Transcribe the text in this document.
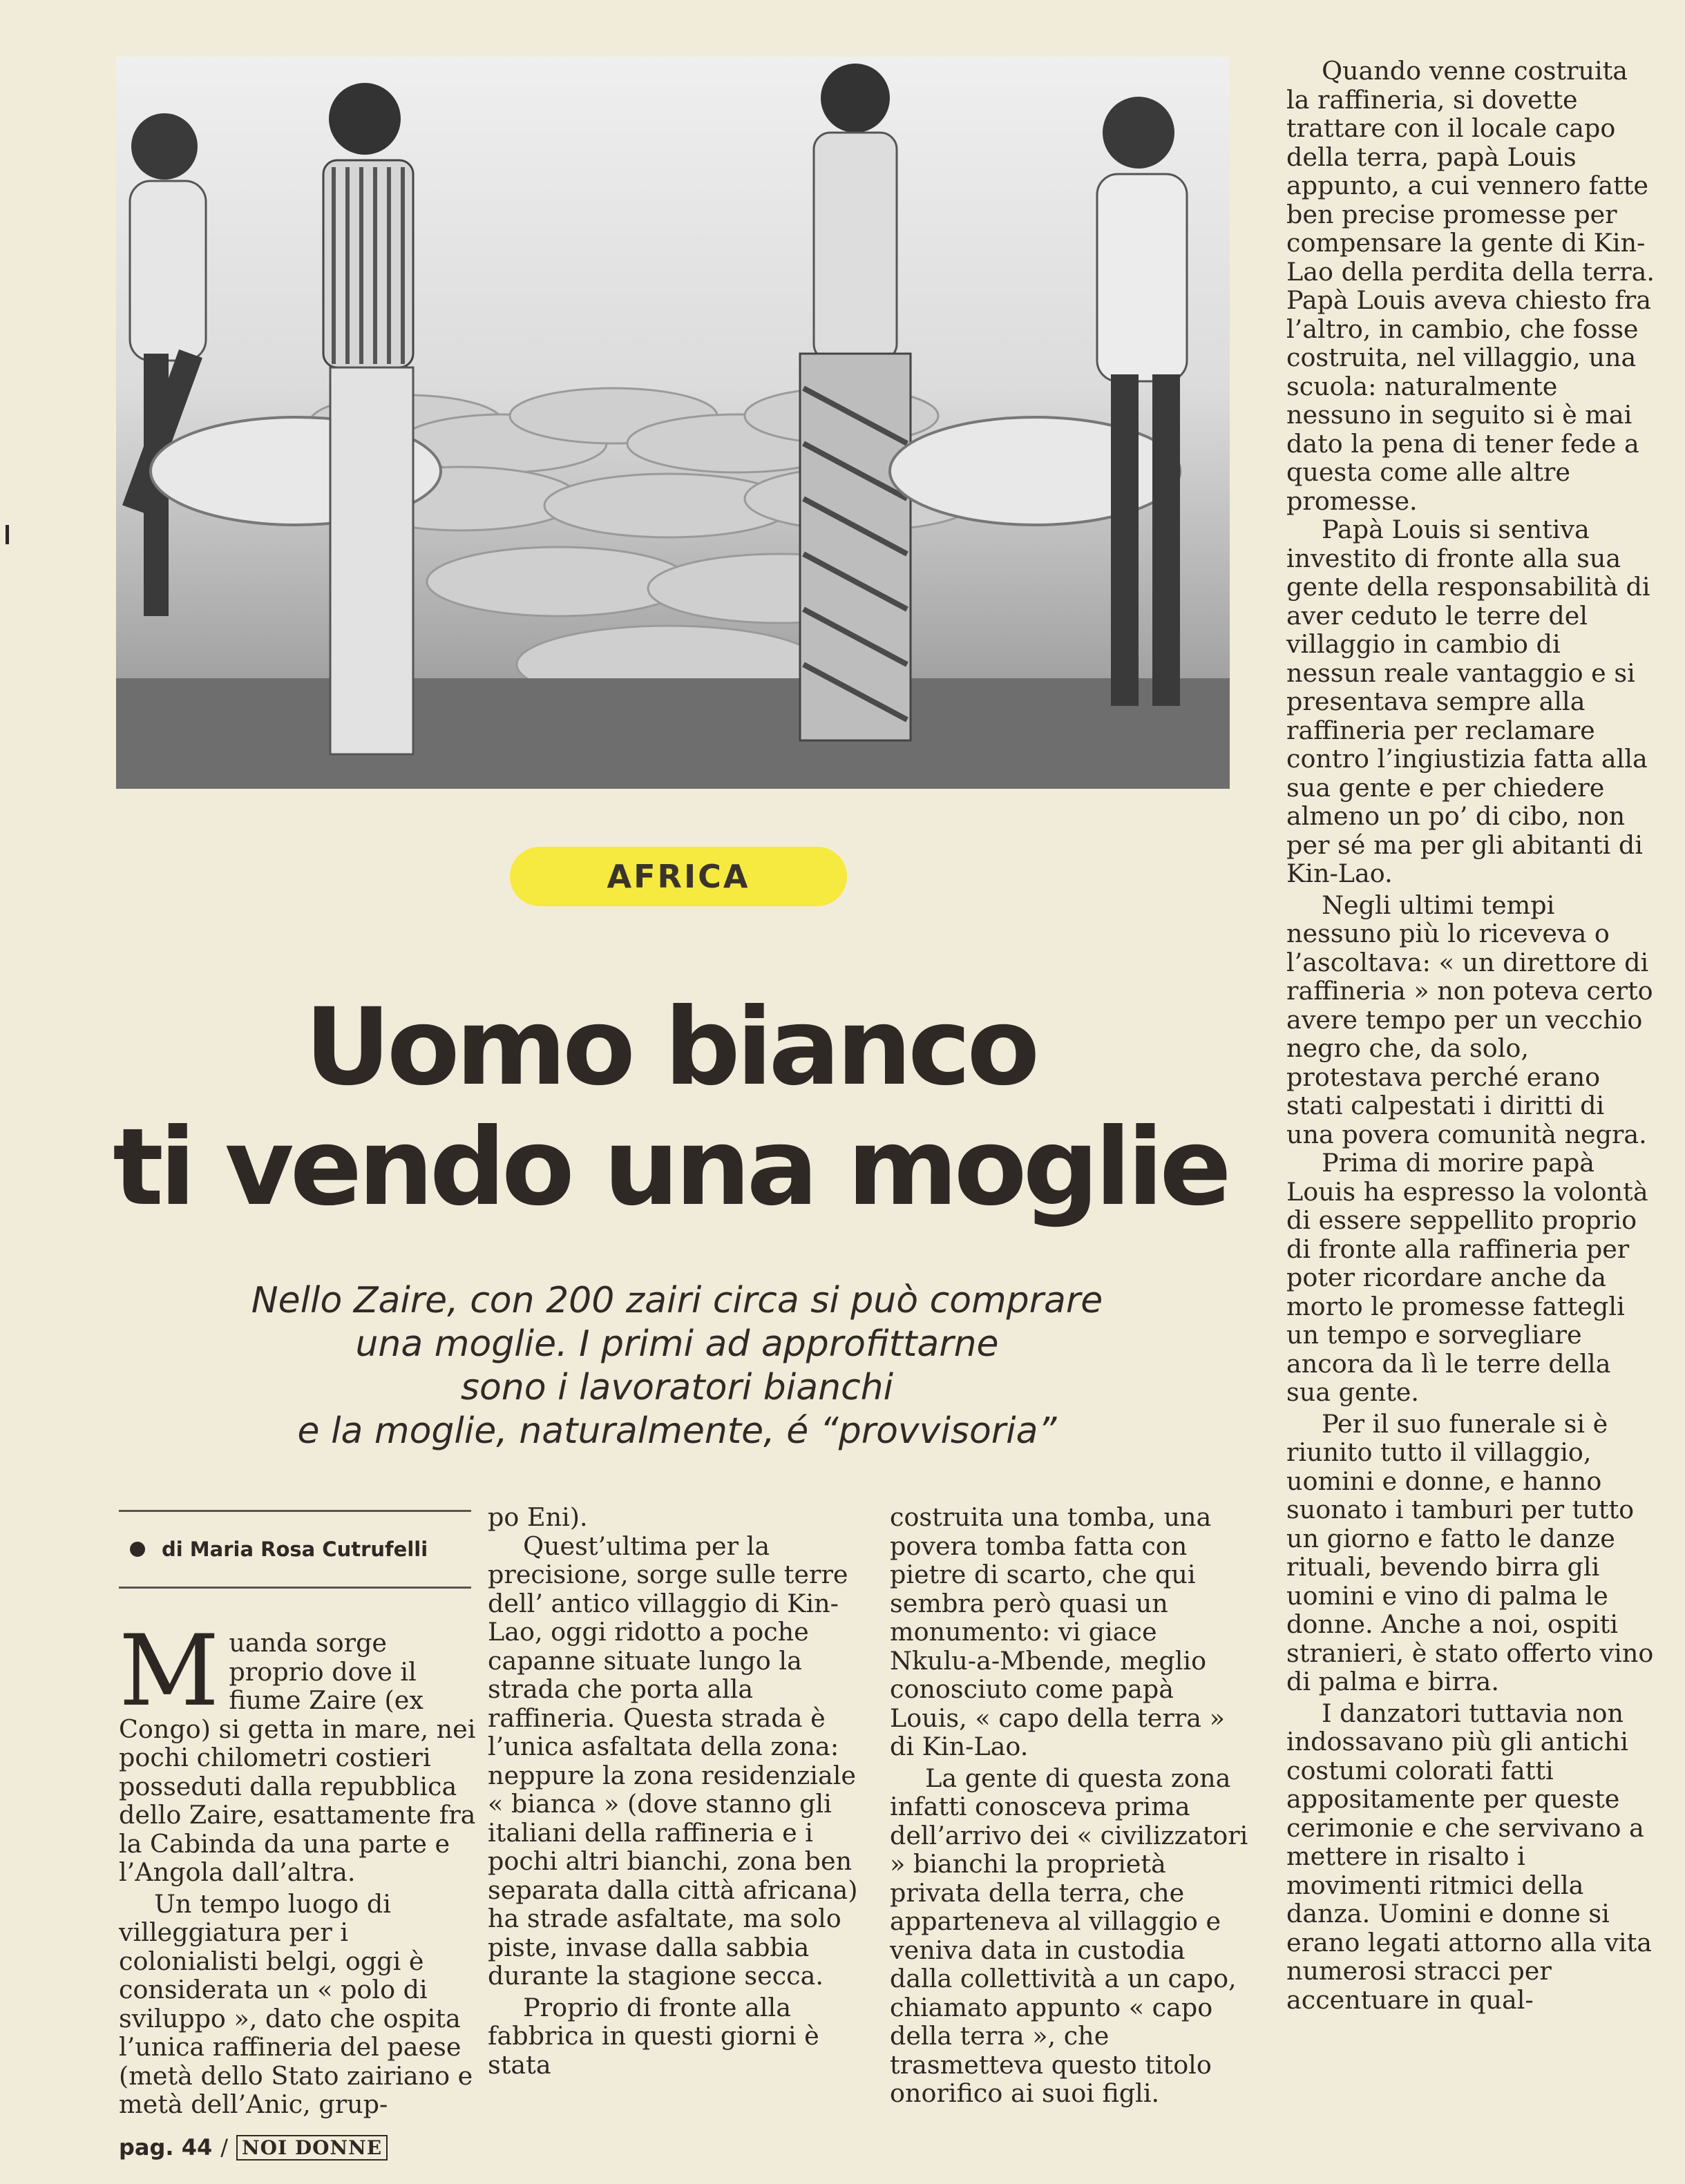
AFRICA
Uomo bianco
ti vendo una moglie
Nello Zaire, con 200 zairi circa si può comprare
una moglie. I primi ad approfittarne
sono i lavoratori bianchi
e la moglie, naturalmente, é “provvisoria”
di Maria Rosa Cutrufelli

Muanda sorge proprio dove il fiume Zaire (ex Congo) si getta in mare, nei pochi chilometri costieri posseduti dalla repubblica dello Zaire, esattamente fra la Cabinda da una parte e l’Angola dall’altra.

Un tempo luogo di villeggiatura per i colonialisti belgi, oggi è considerata un « polo di sviluppo », dato che ospita l’unica raffineria del paese (metà dello Stato zairiano e metà dell’Anic, grup-

po Eni).

Quest’ultima per la precisione, sorge sulle terre dell’ antico villaggio di Kin-Lao, oggi ridotto a poche capanne situate lungo la strada che porta alla raffineria. Questa strada è l’unica asfaltata della zona: neppure la zona residenziale « bianca » (dove stanno gli italiani della raffineria e i pochi altri bianchi, zona ben separata dalla città africana) ha strade asfaltate, ma solo piste, invase dalla sabbia durante la stagione secca.

Proprio di fronte alla fabbrica in questi giorni è stata

costruita una tomba, una povera tomba fatta con pietre di scarto, che qui sembra però quasi un monumento: vi giace Nkulu-a-Mbende, meglio conosciuto come papà Louis, « capo della terra » di Kin-Lao.

La gente di questa zona infatti conosceva prima dell’arrivo dei « civilizzatori » bianchi la proprietà privata della terra, che apparteneva al villaggio e veniva data in custodia dalla collettività a un capo, chiamato appunto « capo della terra », che trasmetteva questo titolo onorifico ai suoi figli.

Quando venne costruita la raffineria, si dovette trattare con il locale capo della terra, papà Louis appunto, a cui vennero fatte ben precise promesse per compensare la gente di Kin-Lao della perdita della terra. Papà Louis aveva chiesto fra l’altro, in cambio, che fosse costruita, nel villaggio, una scuola: naturalmente nessuno in seguito si è mai dato la pena di tener fede a questa come alle altre promesse.

Papà Louis si sentiva investito di fronte alla sua gente della responsabilità di aver ceduto le terre del villaggio in cambio di nessun reale vantaggio e si presentava sempre alla raffineria per reclamare contro l’ingiustizia fatta alla sua gente e per chiedere almeno un po’ di cibo, non per sé ma per gli abitanti di Kin-Lao.

Negli ultimi tempi nessuno più lo riceveva o l’ascoltava: « un direttore di raffineria » non poteva certo avere tempo per un vecchio negro che, da solo, protestava perché erano stati calpestati i diritti di una povera comunità negra.

Prima di morire papà Louis ha espresso la volontà di essere seppellito proprio di fronte alla raffineria per poter ricordare anche da morto le promesse fattegli un tempo e sorvegliare ancora da lì le terre della sua gente.

Per il suo funerale si è riunito tutto il villaggio, uomini e donne, e hanno suonato i tamburi per tutto un giorno e fatto le danze rituali, bevendo birra gli uomini e vino di palma le donne. Anche a noi, ospiti stranieri, è stato offerto vino di palma e birra.

I danzatori tuttavia non indossavano più gli antichi costumi colorati fatti appositamente per queste cerimonie e che servivano a mettere in risalto i movimenti ritmici della danza. Uomini e donne si erano legati attorno alla vita numerosi stracci per accentuare in qual-

pag. 44 / NOI DONNE
